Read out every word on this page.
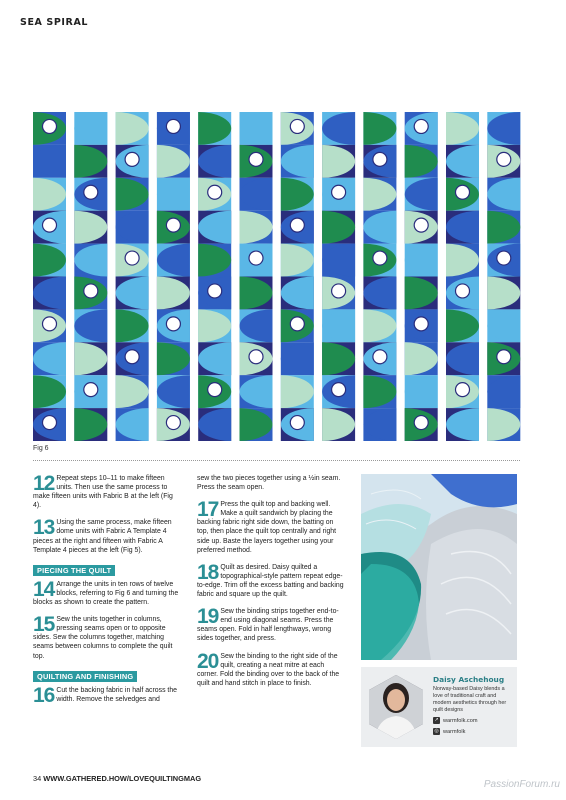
SEA SPIRAL
Fig 6
12 Repeat steps 10–11 to make fifteen units. Then use the same process to make fifteen units with Fabric B at the left (Fig 4).
13 Using the same process, make fifteen dome units with Fabric A Template 4 pieces at the right and fifteen with Fabric A Template 4 pieces at the left (Fig 5).
PIECING THE QUILT
14 Arrange the units in ten rows of twelve blocks, referring to Fig 6 and turning the blocks as shown to create the pattern.
15 Sew the units together in columns, pressing seams open or to opposite sides. Sew the columns together, matching seams between columns to complete the quilt top.
QUILTING AND FINISHING
16 Cut the backing fabric in half across the width. Remove the selvedges and
sew the two pieces together using a ½in seam. Press the seam open.
17 Press the quilt top and backing well. Make a quilt sandwich by placing the backing fabric right side down, the batting on top, then place the quilt top centrally and right side up. Baste the layers together using your preferred method.
18 Quilt as desired. Daisy quilted a topographical-style pattern repeat edge-to-edge. Trim off the excess batting and backing fabric and square up the quilt.
19 Sew the binding strips together end-to-end using diagonal seams. Press the seams open. Fold in half lengthways, wrong sides together, and press.
20 Sew the binding to the right side of the quilt, creating a neat mitre at each corner. Fold the binding over to the back of the quilt and hand stitch in place to finish.	Daisy Aschehoug
Norway-based Daisy blends a love of traditional craft and modern aesthetics through her quilt designs
↗ warmfolk.com
◎ warmfolk
34 WWW.GATHERED.HOW/LOVEQUILTINGMAG
PassionForum.ru
